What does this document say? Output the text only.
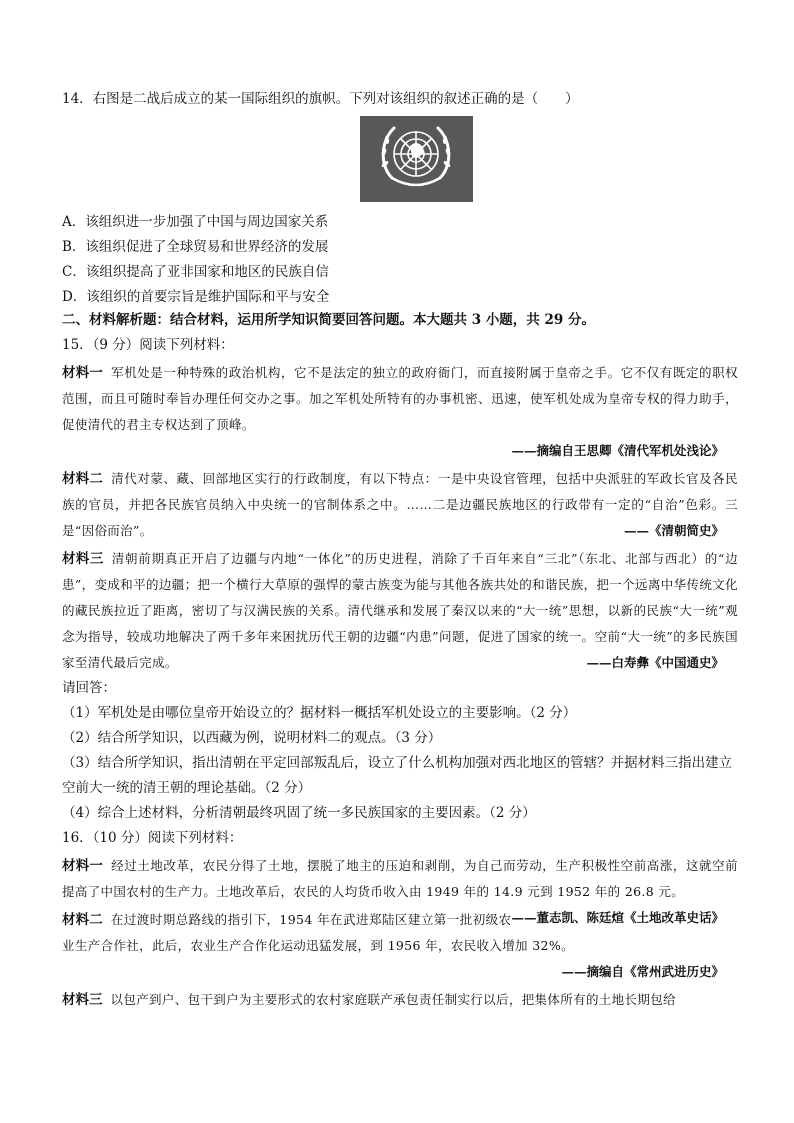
14．右图是二战后成立的某一国际组织的旗帜。下列对该组织的叙述正确的是（　　）

A．该组织进一步加强了中国与周边国家关系

B．该组织促进了全球贸易和世界经济的发展

C．该组织提高了亚非国家和地区的民族自信

D．该组织的首要宗旨是维护国际和平与安全

二、材料解析题：结合材料，运用所学知识简要回答问题。本大题共 3 小题，共 29 分。

15．（9 分）阅读下列材料：

材料一 军机处是一种特殊的政治机构，它不是法定的独立的政府衙门，而直接附属于皇帝之手。它不仅有既定的职权范围，而且可随时奉旨办理任何交办之事。加之军机处所特有的办事机密、迅速，使军机处成为皇帝专权的得力助手，促使清代的君主专权达到了顶峰。
——摘编自王思卿《清代军机处浅论》
材料二 清代对蒙、藏、回部地区实行的行政制度，有以下特点：一是中央设官管理，包括中央派驻的军政长官及各民族的官员，并把各民族官员纳入中央统一的官制体系之中。……二是边疆民族地区的行政带有一定的“自治”色彩。三是“因俗而治”。	——《清朝简史》
材料三 清朝前期真正开启了边疆与内地“一体化”的历史进程，消除了千百年来自“三北”（东北、北部与西北）的“边患”，变成和平的边疆；把一个横行大草原的强悍的蒙古族变为能与其他各族共处的和谐民族，把一个远离中华传统文化的藏民族拉近了距离，密切了与汉满民族的关系。清代继承和发展了秦汉以来的“大一统”思想，以新的民族“大一统”观念为指导，较成功地解决了两千多年来困扰历代王朝的边疆“内患”问题，促进了国家的统一。空前“大一统”的多民族国家至清代最后完成。	——白寿彝《中国通史》

请回答：

（1）军机处是由哪位皇帝开始设立的？据材料一概括军机处设立的主要影响。（2 分）

（2）结合所学知识，以西藏为例，说明材料二的观点。（3 分）

（3）结合所学知识，指出清朝在平定回部叛乱后，设立了什么机构加强对西北地区的管辖？并据材料三指出建立空前大一统的清王朝的理论基础。（2 分）

（4）综合上述材料，分析清朝最终巩固了统一多民族国家的主要因素。（2 分）

16．（10 分）阅读下列材料：

材料一 经过土地改革，农民分得了土地，摆脱了地主的压迫和剥削，为自己而劳动，生产积极性空前高涨，这就空前提高了中国农村的生产力。土地改革后，农民的人均货币收入由 1949 年的 14.9 元到 1952 年的 26.8 元。
——董志凯、陈廷煊《土地改革史话》
材料二 在过渡时期总路线的指引下，1954 年在武进郑陆区建立第一批初级农业生产合作社，此后，农业生产合作化运动迅猛发展，到 1956 年，农民收入增加 32%。
——摘编自《常州武进历史》
材料三 以包产到户、包干到户为主要形式的农村家庭联产承包责任制实行以后，把集体所有的土地长期包给
